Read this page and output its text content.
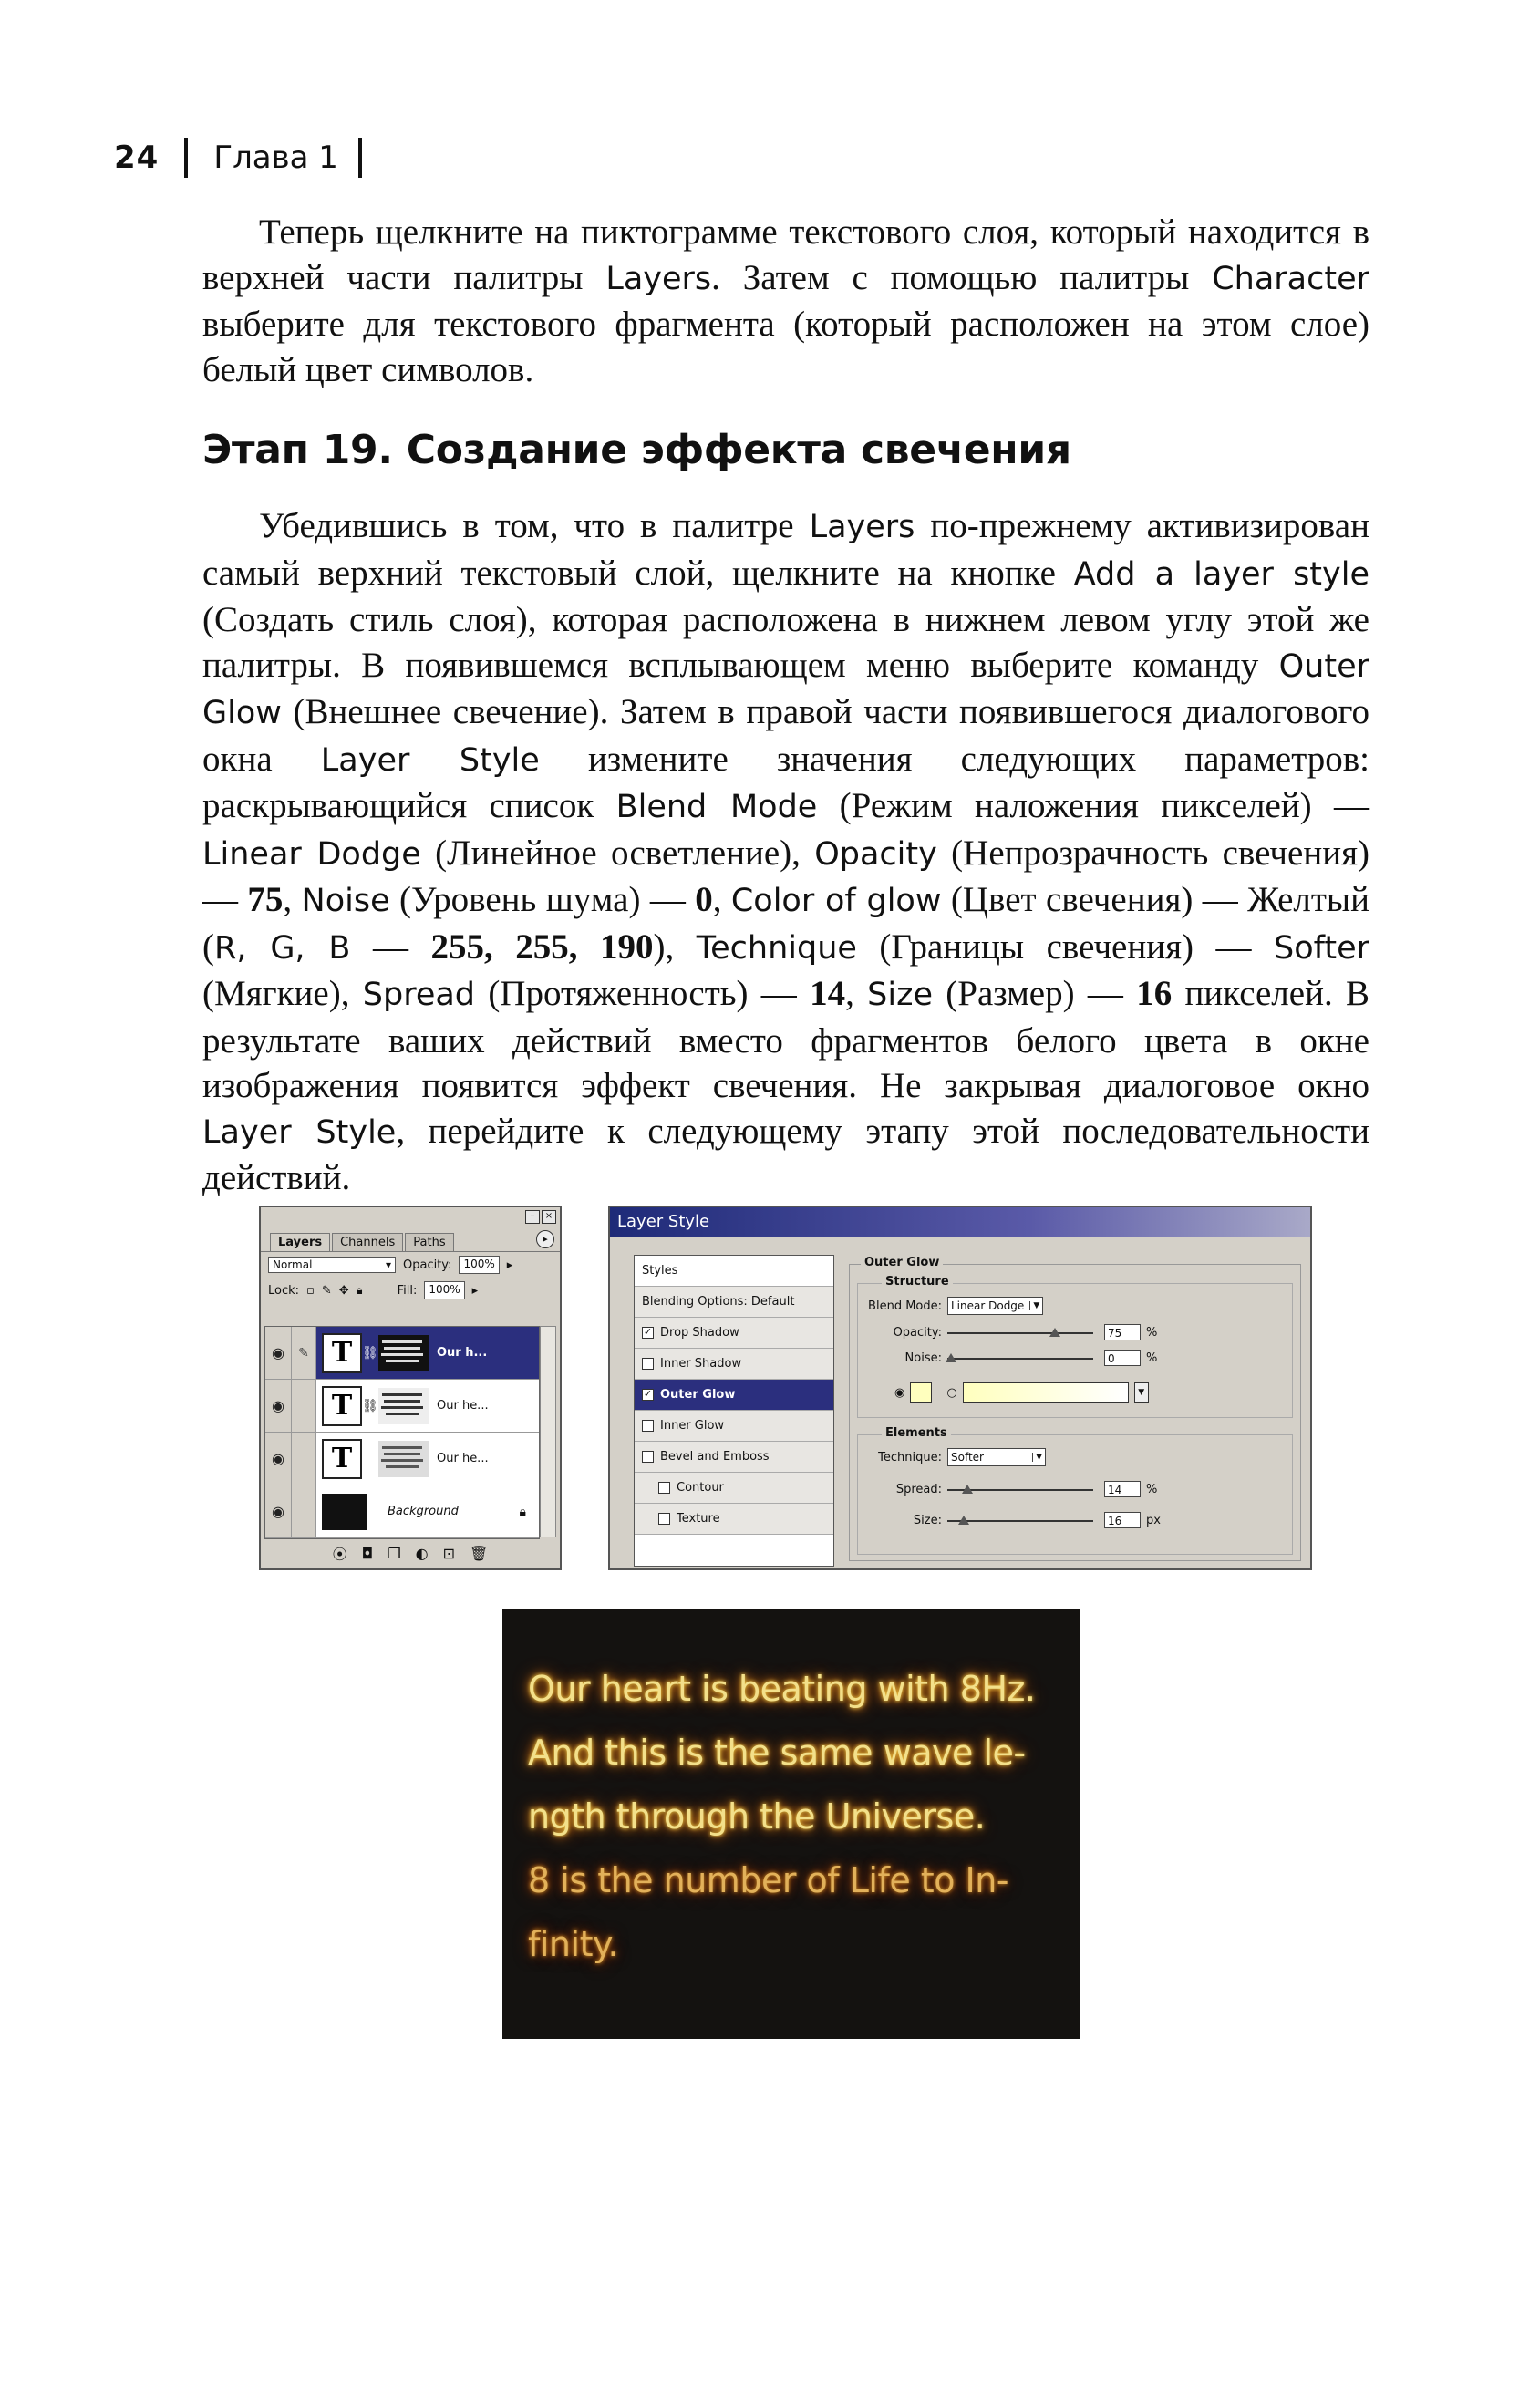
24 Глава 1

Теперь щелкните на пиктограмме текстового слоя, который находится в верхней части палитры Layers. Затем с помощью палитры Character выберите для текстового фрагмента (который расположен на этом слое) белый цвет символов.

Этап 19. Создание эффекта свечения

Убедившись в том, что в палитре Layers по-прежнему активизирован самый верхний текстовый слой, щелкните на кнопке Add a layer style (Создать стиль слоя), которая расположена в нижнем левом углу этой же палитры. В появившемся всплывающем меню выберите команду Outer Glow (Внешнее свечение). Затем в правой части появившегося диалогового окна Layer Style измените значения следующих параметров: раскрывающийся список Blend Mode (Режим наложения пикселей) — Linear Dodge (Линейное осветление), Opacity (Непрозрачность свечения) — 75, Noise (Уровень шума) — 0, Color of glow (Цвет свечения) — Желтый (R, G, B — 255, 255, 190), Technique (Границы свечения) — Softer (Мягкие), Spread (Протяженность) — 14, Size (Размер) — 16 пикселей. В результате ваших действий вместо фрагментов белого цвета в окне изображения появится эффект свечения. Не закрывая диалоговое окно Layer Style, перейдите к следующему этапу этой последовательности действий.

–	×
Layers	Channels	Paths	▸
Normal	▾ Opacity:	100%	▸
Lock: ▫ ✎ ✥ 🔒︎	Fill:	100%	▸
◉	✎ T ⛓	Our h...
◉	T ⛓	Our he...
◉	T	Our he...
◉	Background	🔒︎
⦿ ◘ ❐ ◐ ⊡ 🗑︎
Layer Style
Styles
Blending Options: Default
✓ Drop Shadow
Inner Shadow
✓ Outer Glow
Inner Glow
Bevel and Emboss
Contour
Texture
Outer Glow
Structure
Blend Mode: Linear Dodge	▼
Opacity:	75	%
Noise:	0	%
◉	○	▼
Elements
Technique: Softer	▼
Spread:	14	%
Size:	16	px
Our heart is beating with 8Hz.
And this is the same wave le-
ngth through the Universe.
8 is the number of Life to In-
finity.
